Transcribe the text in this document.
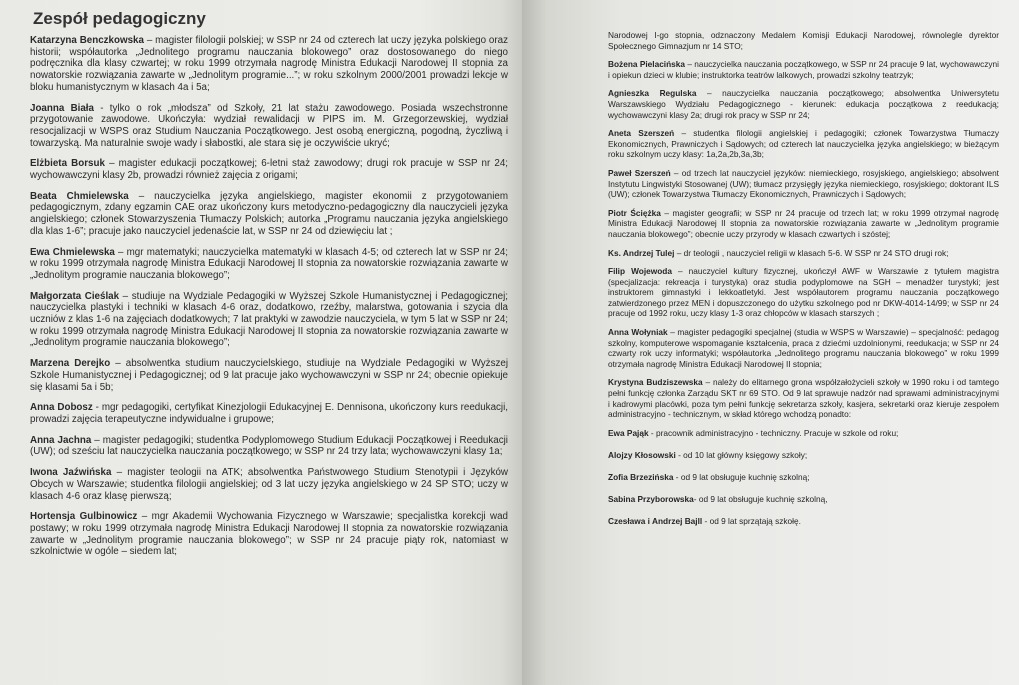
Zespół pedagogiczny
Katarzyna Benczkowska – magister filologii polskiej; w SSP nr 24 od czterech lat uczy języka polskiego oraz historii; współautorka „Jednolitego programu nauczania blokowego” oraz dostosowanego do niego podręcznika dla klasy czwartej; w roku 1999 otrzymała nagrodę Ministra Edukacji Narodowej II stopnia za nowatorskie rozwiązania zawarte w „Jednolitym programie...”; w roku szkolnym 2000/2001 prowadzi lekcje w bloku humanistycznym w klasach 4a i 5a;
Joanna Biała - tylko o rok „młodsza” od Szkoły, 21 lat stażu zawodowego. Posiada wszechstronne przygotowanie zawodowe. Ukończyła: wydział rewalidacji w PIPS im. M. Grzegorzewskiej, wydział resocjalizacji w WSPS oraz Studium Nauczania Początkowego. Jest osobą energiczną, pogodną, życzliwą i towarzyską. Ma naturalnie swoje wady i słabostki, ale stara się je oczywiście ukryć;
Elżbieta Borsuk – magister edukacji początkowej; 6-letni staż zawodowy; drugi rok pracuje w SSP nr 24; wychowawczyni klasy 2b, prowadzi również zajęcia z origami;
Beata Chmielewska – nauczycielka języka angielskiego, magister ekonomii z przygotowaniem pedagogicznym, zdany egzamin CAE oraz ukończony kurs metodyczno-pedagogiczny dla nauczycieli języka angielskiego; członek Stowarzyszenia Tłumaczy Polskich; autorka „Programu nauczania języka angielskiego dla klas 1-6”; pracuje jako nauczyciel jedenaście lat, w SSP nr 24 od dziewięciu lat ;
Ewa Chmielewska – mgr matematyki; nauczycielka matematyki w klasach 4-5; od czterech lat w SSP nr 24; w roku 1999 otrzymała nagrodę Ministra Edukacji Narodowej II stopnia za nowatorskie rozwiązania zawarte w „Jednolitym programie nauczania blokowego”;
Małgorzata Cieślak – studiuje na Wydziale Pedagogiki w Wyższej Szkole Humanistycznej i Pedagogicznej; nauczycielka plastyki i techniki w klasach 4-6 oraz, dodatkowo, rzeźby, malarstwa, gotowania i szycia dla uczniów z klas 1-6 na zajęciach dodatkowych; 7 lat praktyki w zawodzie nauczyciela, w tym 5 lat w SSP nr 24; w roku 1999 otrzymała nagrodę Ministra Edukacji Narodowej II stopnia za nowatorskie rozwiązania zawarte w „Jednolitym programie nauczania blokowego”;
Marzena Derejko – absolwentka studium nauczycielskiego, studiuje na Wydziale Pedagogiki w Wyższej Szkole Humanistycznej i Pedagogicznej; od 9 lat pracuje jako wychowawczyni w SSP nr 24; obecnie opiekuje się klasami 5a i 5b;
Anna Dobosz - mgr pedagogiki, certyfikat Kinezjologii Edukacyjnej E. Dennisona, ukończony kurs reedukacji, prowadzi zajęcia terapeutyczne indywidualne i grupowe;
Anna Jachna – magister pedagogiki; studentka Podyplomowego Studium Edukacji Początkowej i Reedukacji (UW); od sześciu lat nauczycielka nauczania początkowego; w SSP nr 24 trzy lata; wychowawczyni klasy 1a;
Iwona Jaźwińska – magister teologii na ATK; absolwentka Państwowego Studium Stenotypii i Języków Obcych w Warszawie; studentka filologii angielskiej; od 3 lat uczy języka angielskiego w 24 SP STO; uczy w klasach 4-6 oraz klasę pierwszą;
Hortensja Gulbinowicz – mgr Akademii Wychowania Fizycznego w Warszawie; specjalistka korekcji wad postawy; w roku 1999 otrzymała nagrodę Ministra Edukacji Narodowej II stopnia za nowatorskie rozwiązania zawarte w „Jednolitym programie nauczania blokowego”; w SSP nr 24 pracuje piąty rok, natomiast w szkolnictwie w ogóle – siedem lat;
Narodowej I-go stopnia, odznaczony Medalem Komisji Edukacji Narodowej, równolegle dyrektor Społecznego Gimnazjum nr 14 STO;
Bożena Pielacińska – nauczycielka nauczania początkowego, w SSP nr 24 pracuje 9 lat, wychowawczyni i opiekun dzieci w klubie; instruktorka teatrów lalkowych, prowadzi szkolny teatrzyk;
Agnieszka Regulska – nauczycielka nauczania początkowego; absolwentka Uniwersytetu Warszawskiego Wydziału Pedagogicznego - kierunek: edukacja początkowa z reedukacją; wychowawczyni klasy 2a; drugi rok pracy w SSP nr 24;
Aneta Szerszeń – studentka filologii angielskiej i pedagogiki; członek Towarzystwa Tłumaczy Ekonomicznych, Prawniczych i Sądowych; od czterech lat nauczycielka języka angielskiego; w bieżącym roku szkolnym uczy klasy: 1a,2a,2b,3a,3b;
Paweł Szerszeń – od trzech lat nauczyciel języków: niemieckiego, rosyjskiego, angielskiego; absolwent Instytutu Lingwistyki Stosowanej (UW); tłumacz przysięgły języka niemieckiego, rosyjskiego; doktorant ILS (UW); członek Towarzystwa Tłumaczy Ekonomicznych, Prawniczych i Sądowych;
Piotr Ściężka – magister geografii; w SSP nr 24 pracuje od trzech lat; w roku 1999 otrzymał nagrodę Ministra Edukacji Narodowej II stopnia za nowatorskie rozwiązania zawarte w „Jednolitym programie nauczania blokowego”; obecnie uczy przyrody w klasach czwartych i szóstej;
Ks. Andrzej Tulej – dr teologii , nauczyciel religii w klasach 5-6. W SSP nr 24 STO drugi rok;
Filip Wojewoda – nauczyciel kultury fizycznej, ukończył AWF w Warszawie z tytułem magistra (specjalizacja: rekreacja i turystyka) oraz studia podyplomowe na SGH – menadżer turystyki; jest instruktorem gimnastyki i lekkoatletyki. Jest współautorem programu nauczania początkowego zatwierdzonego przez MEN i dopuszczonego do użytku szkolnego pod nr DKW-4014-14/99; w SSP nr 24 pracuje od 1992 roku, uczy klasy 1-3 oraz chłopców w klasach starszych ;
Anna Wołyniak – magister pedagogiki specjalnej (studia w WSPS w Warszawie) – specjalność: pedagog szkolny, komputerowe wspomaganie kształcenia, praca z dziećmi uzdolnionymi, reedukacja; w SSP nr 24 czwarty rok uczy informatyki; współautorka „Jednolitego programu nauczania blokowego” w roku 1999 otrzymała nagrodę Ministra Edukacji Narodowej II stopnia;
Krystyna Budziszewska – należy do elitarnego grona współzałożycieli szkoły w 1990 roku i od tamtego pełni funkcję członka Zarządu SKT nr 69 STO. Od 9 lat sprawuje nadzór nad sprawami administracyjnymi i kadrowymi placówki, poza tym pełni funkcję sekretarza szkoły, kasjera, sekretarki oraz kieruje zespołem administracyjno - technicznym, w skład którego wchodzą ponadto:
Ewa Pająk - pracownik administracyjno - techniczny. Pracuje w szkole od roku;
Alojzy Kłosowski - od 10 lat główny księgowy szkoły;
Zofia Brzezińska - od 9 lat obsługuje kuchnię szkolną;
Sabina Przyborowska- od 9 lat obsługuje kuchnię szkolną,
Czesława i Andrzej Bajll - od 9 lat sprzątają szkołę.
